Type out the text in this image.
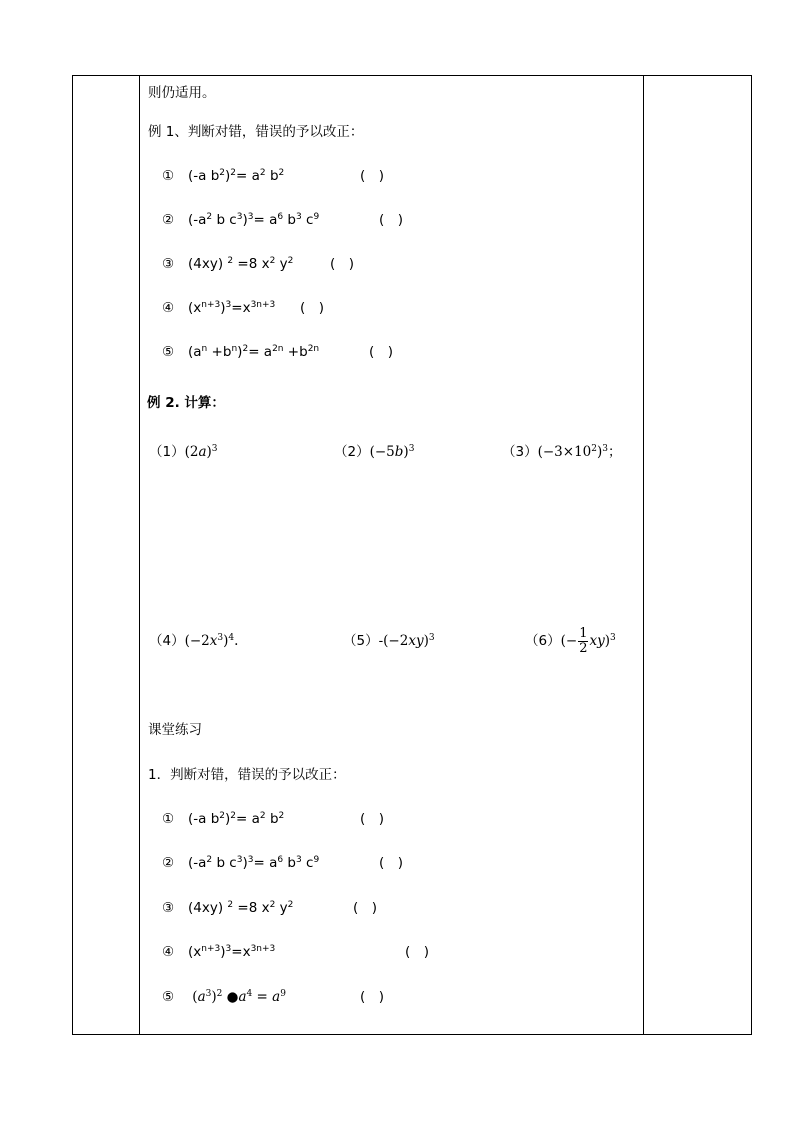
则仍适用。
例 1、判断对错，错误的予以改正：
① (-a $b^2)^2= a^2$ $b^2$	(　)
② ($-a^2$ b $c^3)^3= a^6$ $b^3$ $c^9$	(　)
③ (4xy) $^2$ =8 $x^2$ $y^2$	(　)
④ $(x^{n+3})^3=x^{3n+3}$ (　)
⑤ $(a^n +b^n)^2= a^{2n} +b^{2n}$	(　)
例 2. 计算：
$(1)(2a)^3$	$(2)(-5b)^3$	$(3)(-3\times 10^2)^3$；
$(4)(-2x^3)^4$.	$(5)-(-2xy)^3$	$(6)(- \frac{1}{2} xy)^3$
课堂练习
1．判断对错，错误的予以改正：
① (-a $b^2)^2= a^2$ $b^2$	(　)
② ($-a^2$ b $c^3)^3= a^6$ $b^3$ $c^9$	(　)
③ (4xy) $^2$ =8 $x^2$ $y^2$	(　)
④ $(x^{n+3})^3=x^{3n+3}$	(　)
⑤ $(a^3)^2$ $●a^4 = a^9$	(　)
